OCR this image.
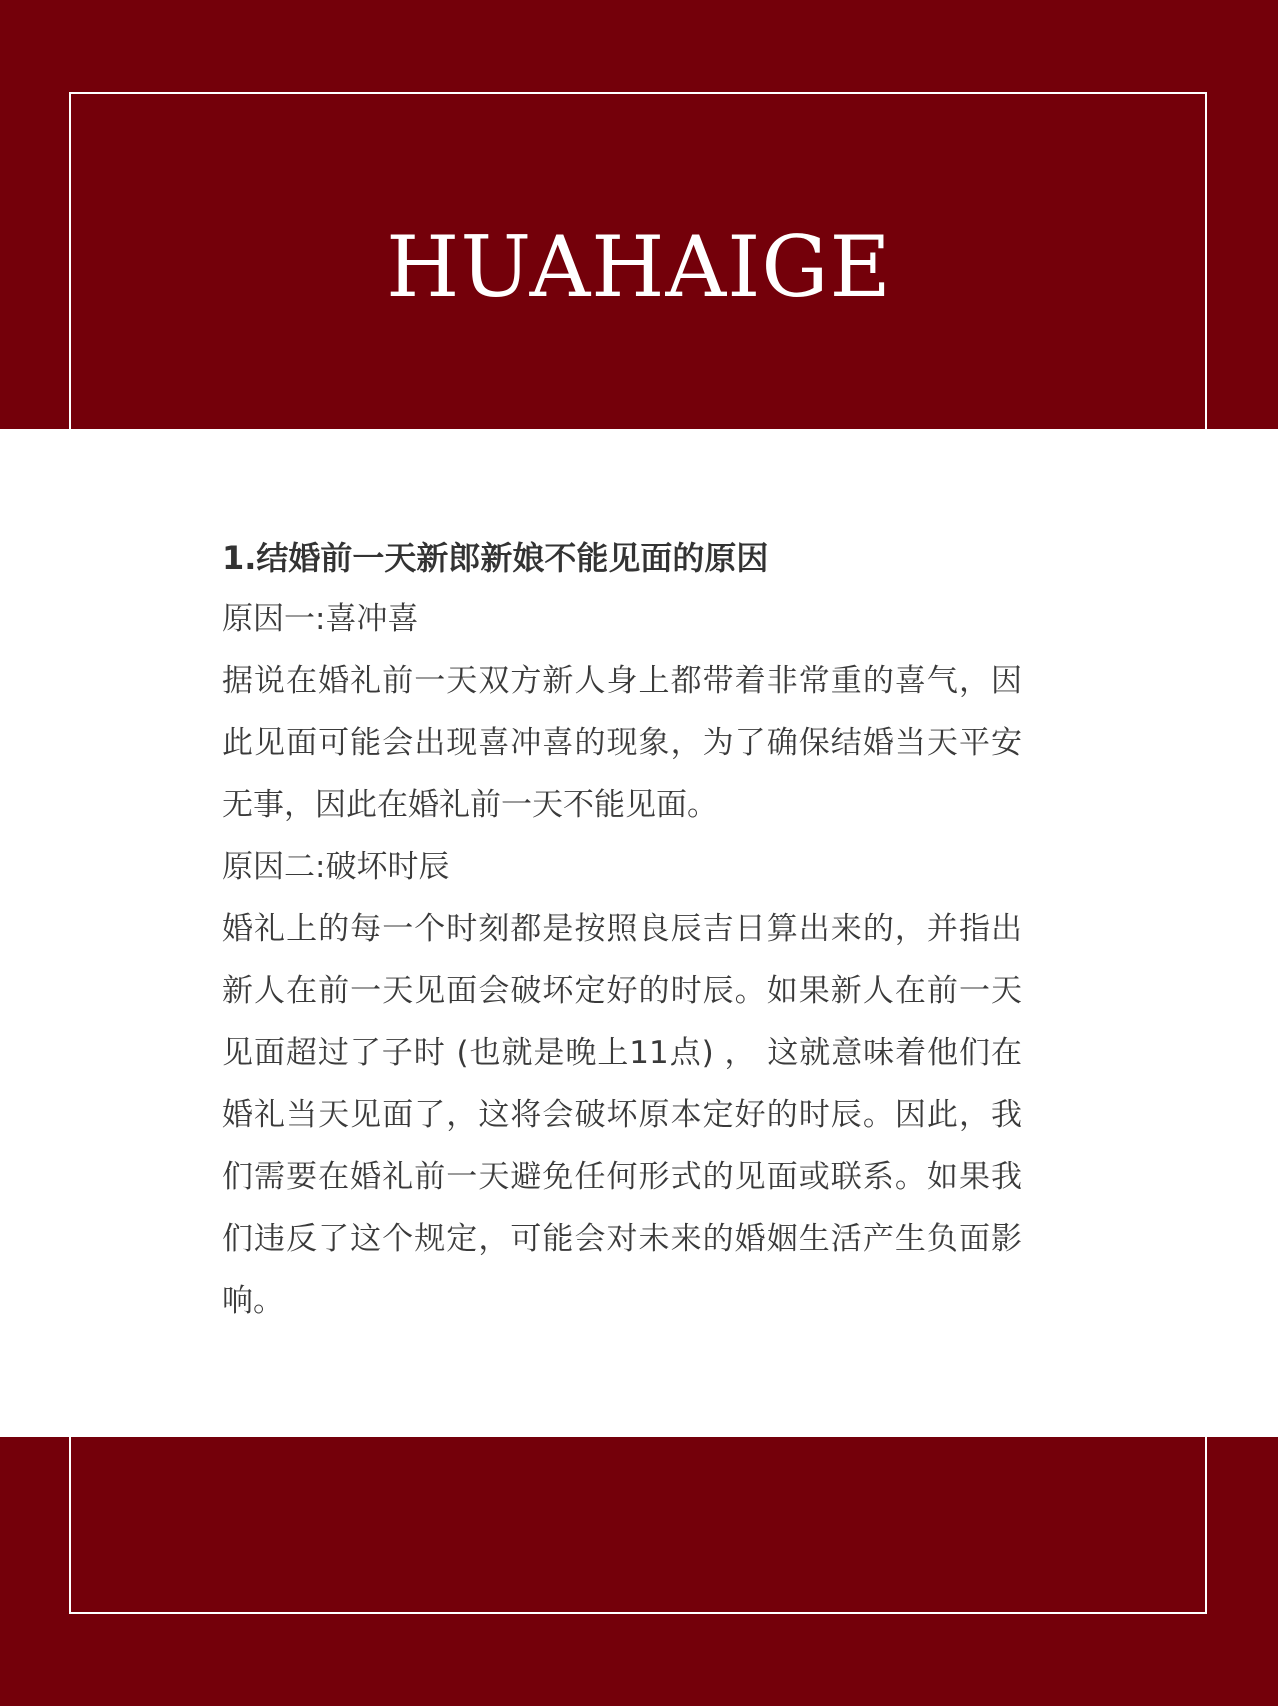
HUAHAIGE

1.结婚前一天新郎新娘不能见面的原因

原因一:喜冲喜

据说在婚礼前一天双方新人身上都带着非常重的喜气，因此见面可能会出现喜冲喜的现象，为了确保结婚当天平安无事，因此在婚礼前一天不能见面。

原因二:破坏时辰

婚礼上的每一个时刻都是按照良辰吉日算出来的，并指出新人在前一天见面会破坏定好的时辰。如果新人在前一天见面超过了子时 (也就是晚上11点) ， 这就意味着他们在婚礼当天见面了，这将会破坏原本定好的时辰。因此，我们需要在婚礼前一天避免任何形式的见面或联系。如果我们违反了这个规定，可能会对未来的婚姻生活产生负面影响。
